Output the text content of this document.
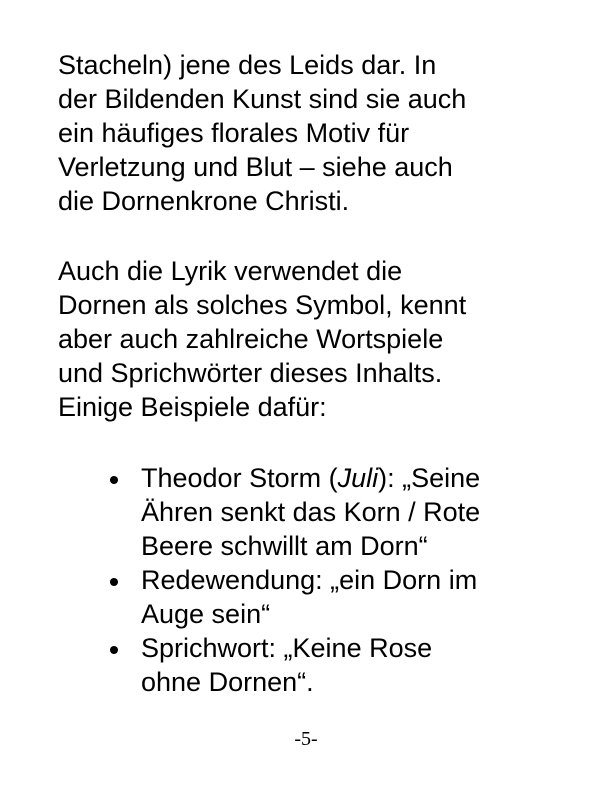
Stacheln) jene des Leids dar. In
der Bildenden Kunst sind sie auch
ein häufiges florales Motiv für
Verletzung und Blut – siehe auch
die Dornenkrone Christi.

Auch die Lyrik verwendet die
Dornen als solches Symbol, kennt
aber auch zahlreiche Wortspiele
und Sprichwörter dieses Inhalts.
Einige Beispiele dafür:

Theodor Storm (Juli): „Seine
Ähren senkt das Korn / Rote
Beere schwillt am Dorn“
Redewendung: „ein Dorn im
Auge sein“
Sprichwort: „Keine Rose
ohne Dornen“.
-5-
